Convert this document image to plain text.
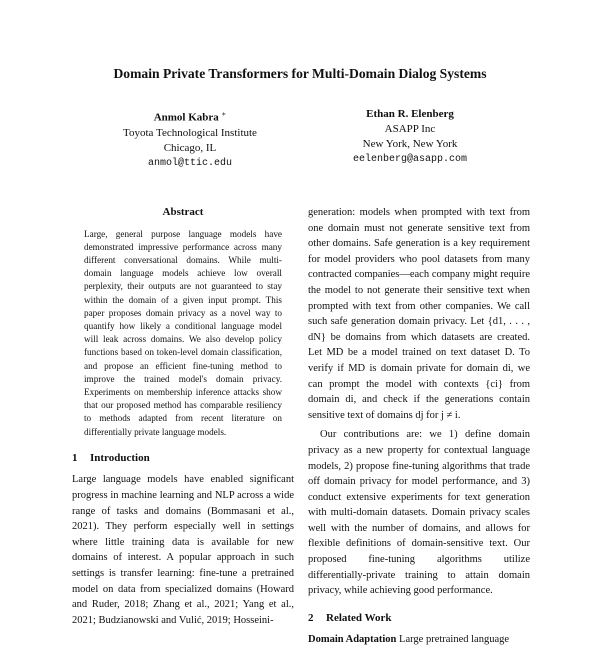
Domain Private Transformers for Multi-Domain Dialog Systems
Anmol Kabra ∗
Toyota Technological Institute
Chicago, IL
anmol@ttic.edu
Ethan R. Elenberg
ASAPP Inc
New York, New York
eelenberg@asapp.com
Abstract

Large, general purpose language models have demonstrated impressive performance across many different conversational domains. While multi-domain language models achieve low overall perplexity, their outputs are not guaranteed to stay within the domain of a given input prompt. This paper proposes domain privacy as a novel way to quantify how likely a conditional language model will leak across domains. We also develop policy functions based on token-level domain classification, and propose an efficient fine-tuning method to improve the trained model's domain privacy. Experiments on membership inference attacks show that our proposed method has comparable resiliency to methods adapted from recent literature on differentially private language models.

1 Introduction

Large language models have enabled significant progress in machine learning and NLP across a wide range of tasks and domains (Bommasani et al., 2021). They perform especially well in settings where little training data is available for new domains of interest. A popular approach in such settings is transfer learning: fine-tune a pretrained model on data from specialized domains (Howard and Ruder, 2018; Zhang et al., 2021; Yang et al., 2021; Budzianowski and Vulić, 2019; Hosseini-

generation: models when prompted with text from one domain must not generate sensitive text from other domains. Safe generation is a key requirement for model providers who pool datasets from many contracted companies—each company might require the model to not generate their sensitive text when prompted with text from other companies. We call such safe generation domain privacy. Let {d1, . . . , dN} be domains from which datasets are created. Let MD be a model trained on text dataset D. To verify if MD is domain private for domain di, we can prompt the model with contexts {ci} from domain di, and check if the generations contain sensitive text of domains dj for j ≠ i.

Our contributions are: we 1) define domain privacy as a new property for contextual language models, 2) propose fine-tuning algorithms that trade off domain privacy for model performance, and 3) conduct extensive experiments for text generation with multi-domain datasets. Domain privacy scales well with the number of domains, and allows for flexible definitions of domain-sensitive text. Our proposed fine-tuning algorithms utilize differentially-private training to attain domain privacy, while achieving good performance.

2 Related Work

Domain Adaptation Large pretrained language
